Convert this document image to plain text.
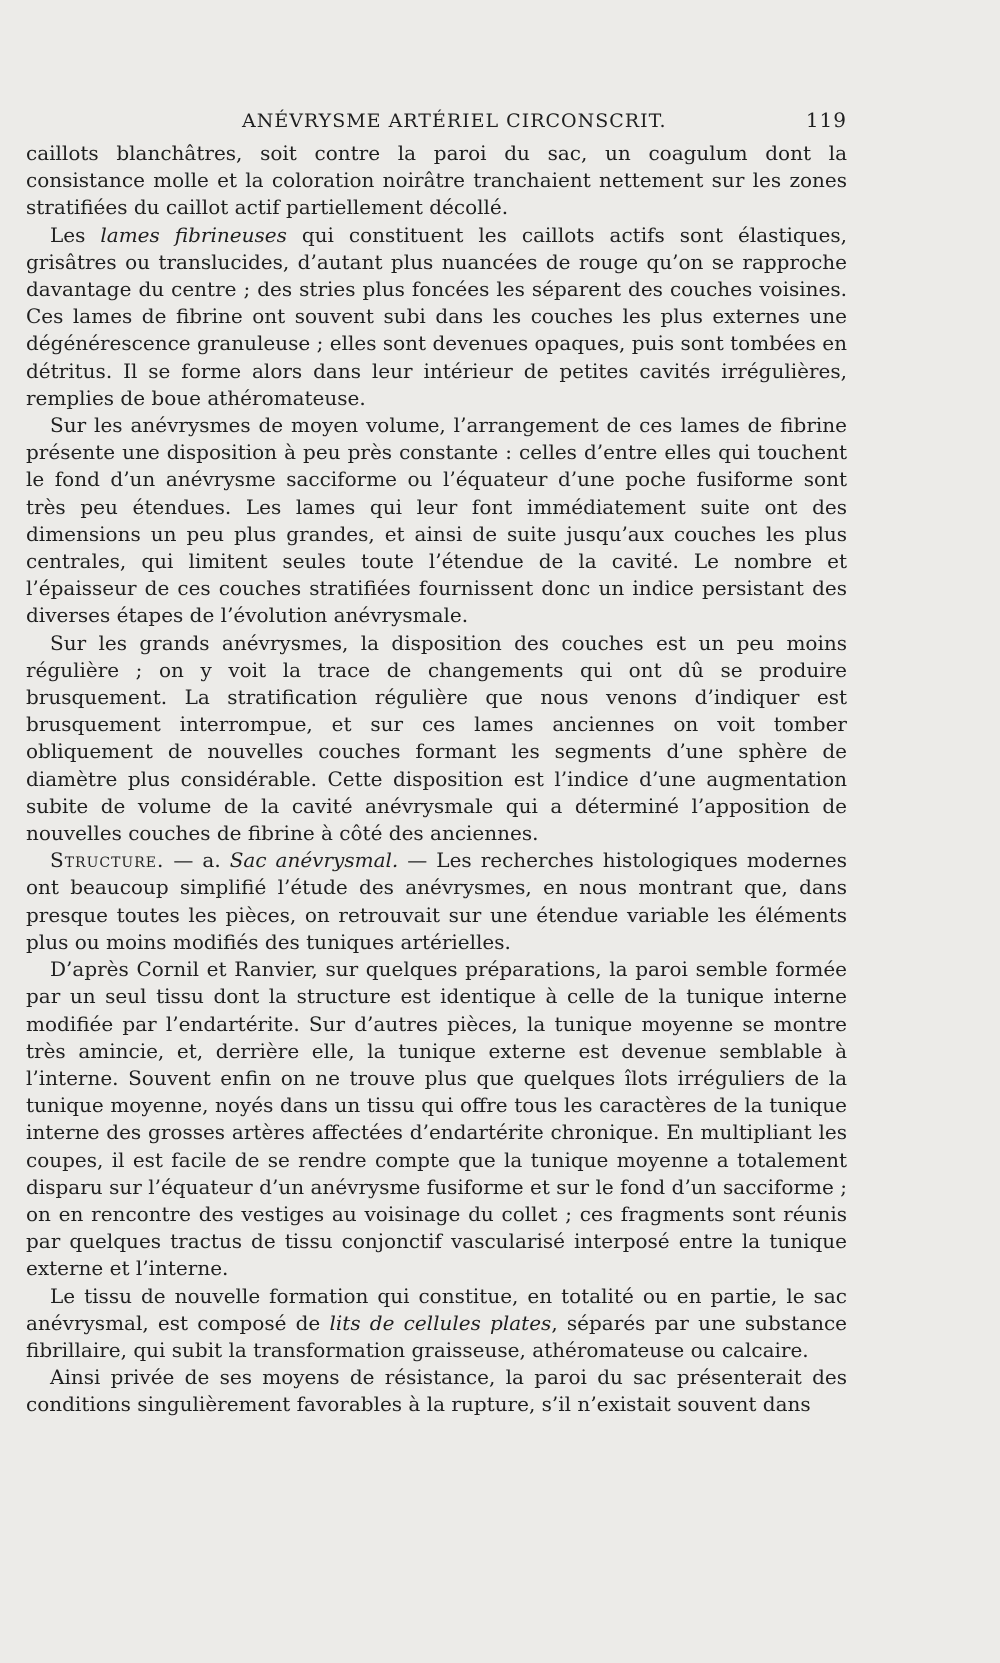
ANÉVRYSME ARTÉRIEL CIRCONSCRIT.	119

caillots blanchâtres, soit contre la paroi du sac, un coagulum dont la consistance molle et la coloration noirâtre tranchaient nettement sur les zones stratifiées du caillot actif partiellement décollé.

Les lames fibrineuses qui constituent les caillots actifs sont élastiques, grisâtres ou translucides, d’autant plus nuancées de rouge qu’on se rapproche davantage du centre ; des stries plus foncées les séparent des couches voisines. Ces lames de fibrine ont souvent subi dans les couches les plus externes une dégénérescence granuleuse ; elles sont devenues opaques, puis sont tombées en détritus. Il se forme alors dans leur intérieur de petites cavités irrégulières, remplies de boue athéromateuse.

Sur les anévrysmes de moyen volume, l’arrangement de ces lames de fibrine présente une disposition à peu près constante : celles d’entre elles qui touchent le fond d’un anévrysme sacciforme ou l’équateur d’une poche fusiforme sont très peu étendues. Les lames qui leur font immédiatement suite ont des dimensions un peu plus grandes, et ainsi de suite jusqu’aux couches les plus centrales, qui limitent seules toute l’étendue de la cavité. Le nombre et l’épaisseur de ces couches stratifiées fournissent donc un indice persistant des diverses étapes de l’évolution anévrysmale.

Sur les grands anévrysmes, la disposition des couches est un peu moins régulière ; on y voit la trace de changements qui ont dû se produire brusquement. La stratification régulière que nous venons d’indiquer est brusquement interrompue, et sur ces lames anciennes on voit tomber obliquement de nouvelles couches formant les segments d’une sphère de diamètre plus considérable. Cette disposition est l’indice d’une augmentation subite de volume de la cavité anévrysmale qui a déterminé l’apposition de nouvelles couches de fibrine à côté des anciennes.

Structure. — a. Sac anévrysmal. — Les recherches histologiques modernes ont beaucoup simplifié l’étude des anévrysmes, en nous montrant que, dans presque toutes les pièces, on retrouvait sur une étendue variable les éléments plus ou moins modifiés des tuniques artérielles.

D’après Cornil et Ranvier, sur quelques préparations, la paroi semble formée par un seul tissu dont la structure est identique à celle de la tunique interne modifiée par l’endartérite. Sur d’autres pièces, la tunique moyenne se montre très amincie, et, derrière elle, la tunique externe est devenue semblable à l’interne. Souvent enfin on ne trouve plus que quelques îlots irréguliers de la tunique moyenne, noyés dans un tissu qui offre tous les caractères de la tunique interne des grosses artères affectées d’endartérite chronique. En multipliant les coupes, il est facile de se rendre compte que la tunique moyenne a totalement disparu sur l’équateur d’un anévrysme fusiforme et sur le fond d’un sacciforme ; on en rencontre des vestiges au voisinage du collet ; ces fragments sont réunis par quelques tractus de tissu conjonctif vascularisé interposé entre la tunique externe et l’interne.

Le tissu de nouvelle formation qui constitue, en totalité ou en partie, le sac anévrysmal, est composé de lits de cellules plates, séparés par une substance fibrillaire, qui subit la transformation graisseuse, athéromateuse ou calcaire.

Ainsi privée de ses moyens de résistance, la paroi du sac présenterait des conditions singulièrement favorables à la rupture, s’il n’existait souvent dans
